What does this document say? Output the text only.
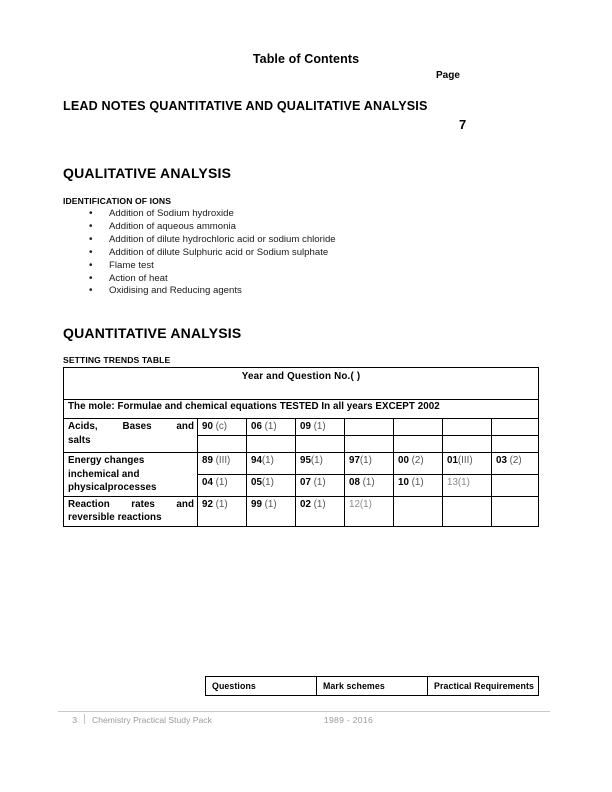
Table of Contents
Page
LEAD NOTES QUANTITATIVE AND QUALITATIVE ANALYSIS
7
QUALITATIVE ANALYSIS
IDENTIFICATION OF IONS
• Addition of Sodium hydroxide
• Addition of aqueous ammonia
• Addition of dilute hydrochloric acid or sodium chloride
• Addition of dilute Sulphuric acid or Sodium sulphate
• Flame test
• Action of heat
• Oxidising and Reducing agents
QUANTITATIVE ANALYSIS
SETTING TRENDS TABLE
Year and Question No.( )							
The mole: Formulae and chemical equations TESTED In all years EXCEPT 2002							

Acids, Bases and
salts	90 (c)	06 (1)	09 (1)				

Energy changes inchemical and physicalprocesses	89 (III)	94(1)	95(1)	97(1)	00 (2)	01(III)	03 (2)
	04 (1)	05(1)	07 (1)	08 (1)	10 (1)	13(1)	

Reaction rates and
reversible reactions	92 (1)	99 (1)	02 (1)	12(1)			
Questions	Mark schemes	Practical Requirements
3 Chemistry Practical Study Pack	1989 - 2016
